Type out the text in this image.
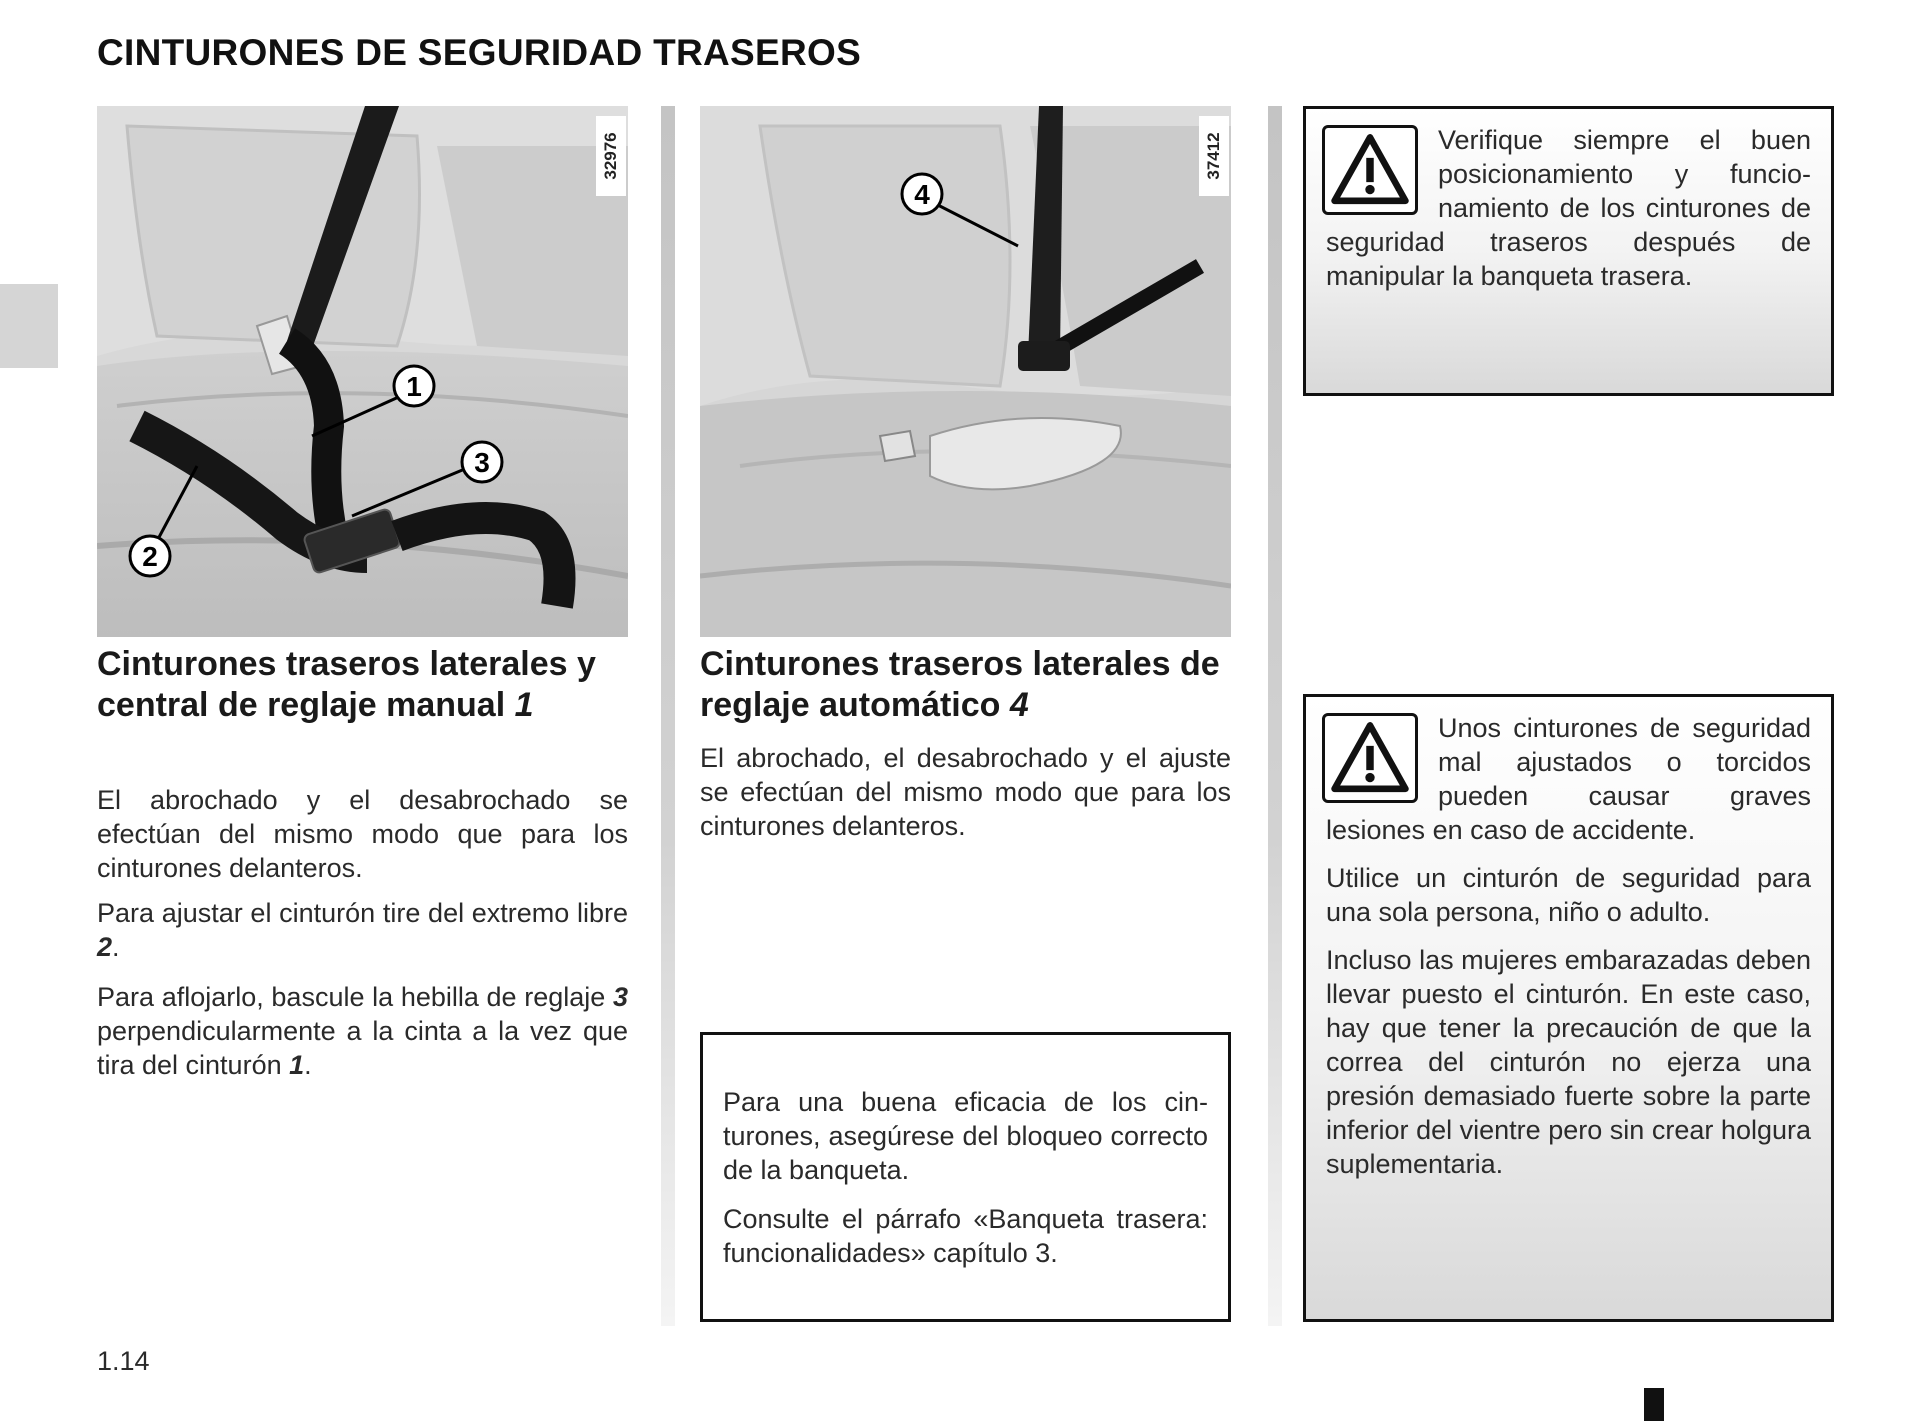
CINTURONES DE SEGURIDAD TRASEROS
1
3
2
32976
4
37412
Cinturones traseros laterales y central de reglaje manual 1

El abrochado y el desabrochado se efectúan del mismo modo que para los cinturones delanteros.

Para ajustar el cinturón tire del extremo libre 2.

Para aflojarlo, bascule la hebilla de reglaje 3 perpendicularmente a la cinta a la vez que tira del cinturón 1.

Cinturones traseros laterales de reglaje automático 4

El abrochado, el desabrochado y el ajuste se efectúan del mismo modo que para los cinturones delanteros.

Para una buena eficacia de los cinturones, asegúrese del bloqueo correcto de la banqueta.

Consulte el párrafo «Banqueta trasera: funcionalidades» capítulo 3.

Verifique siempre el buen posicionamiento y funcionamiento de los cinturones de seguridad traseros después de manipular la banqueta trasera.

Unos cinturones de seguridad mal ajustados o torcidos pueden causar graves lesiones en caso de accidente.

Utilice un cinturón de seguridad para una sola persona, niño o adulto.

Incluso las mujeres embarazadas deben llevar puesto el cinturón. En este caso, hay que tener la precaución de que la correa del cinturón no ejerza una presión demasiado fuerte sobre la parte inferior del vientre pero sin crear holgura suplementaria.

1.14
